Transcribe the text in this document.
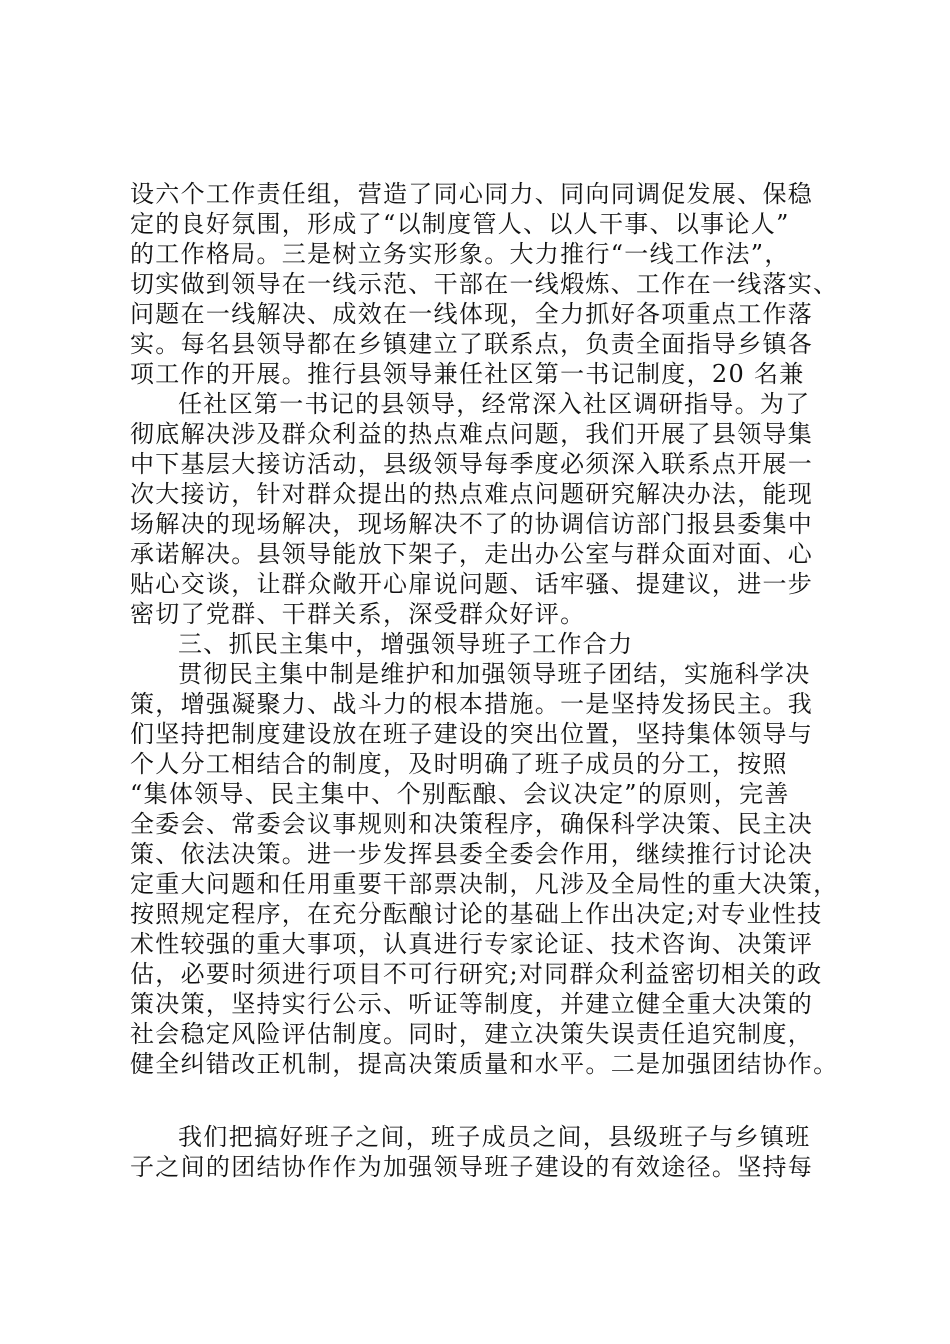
设六个工作责任组，营造了同心同力、同向同调促发展、保稳
定的良好氛围，形成了“以制度管人、以人干事、以事论人”
的工作格局。三是树立务实形象。大力推行“一线工作法”，
切实做到领导在一线示范、干部在一线煅炼、工作在一线落实、
问题在一线解决、成效在一线体现，全力抓好各项重点工作落
实。每名县领导都在乡镇建立了联系点，负责全面指导乡镇各
项工作的开展。推行县领导兼任社区第一书记制度，20 名兼
任社区第一书记的县领导，经常深入社区调研指导。为了
彻底解决涉及群众利益的热点难点问题，我们开展了县领导集
中下基层大接访活动，县级领导每季度必须深入联系点开展一
次大接访，针对群众提出的热点难点问题研究解决办法，能现
场解决的现场解决，现场解决不了的协调信访部门报县委集中
承诺解决。县领导能放下架子，走出办公室与群众面对面、心
贴心交谈，让群众敞开心扉说问题、话牢骚、提建议，进一步
密切了党群、干群关系，深受群众好评。
三、抓民主集中，增强领导班子工作合力
贯彻民主集中制是维护和加强领导班子团结，实施科学决
策，增强凝聚力、战斗力的根本措施。一是坚持发扬民主。我
们坚持把制度建设放在班子建设的突出位置，坚持集体领导与
个人分工相结合的制度，及时明确了班子成员的分工，按照
“集体领导、民主集中、个别酝酿、会议决定”的原则，完善
全委会、常委会议事规则和决策程序，确保科学决策、民主决
策、依法决策。进一步发挥县委全委会作用，继续推行讨论决
定重大问题和任用重要干部票决制，凡涉及全局性的重大决策，
按照规定程序，在充分酝酿讨论的基础上作出决定;对专业性技
术性较强的重大事项，认真进行专家论证、技术咨询、决策评
估，必要时须进行项目不可行研究;对同群众利益密切相关的政
策决策，坚持实行公示、听证等制度，并建立健全重大决策的
社会稳定风险评估制度。同时，建立决策失误责任追究制度，
健全纠错改正机制，提高决策质量和水平。二是加强团结协作。
我们把搞好班子之间，班子成员之间，县级班子与乡镇班
子之间的团结协作作为加强领导班子建设的有效途径。坚持每
